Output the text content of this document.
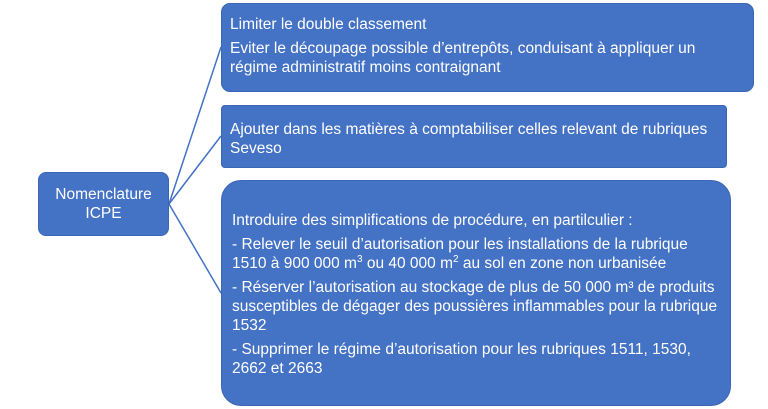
Nomenclature
ICPE

Limiter le double classement

Eviter le découpage possible d’entrepôts, conduisant à appliquer un régime administratif moins contraignant

Ajouter dans les matières à comptabiliser celles relevant de rubriques Seveso

Introduire des simplifications de procédure, en partilculier :

- Relever le seuil d’autorisation pour les installations de la rubrique 1510 à 900 000 $m^3$ ou 40 000 $m^2$ au sol en zone non urbanisée

- Réserver l’autorisation au stockage de plus de 50 000 m³ de produits susceptibles de dégager des poussières inflammables pour la rubrique 1532

- Supprimer le régime d’autorisation pour les rubriques 1511, 1530, 2662 et 2663
